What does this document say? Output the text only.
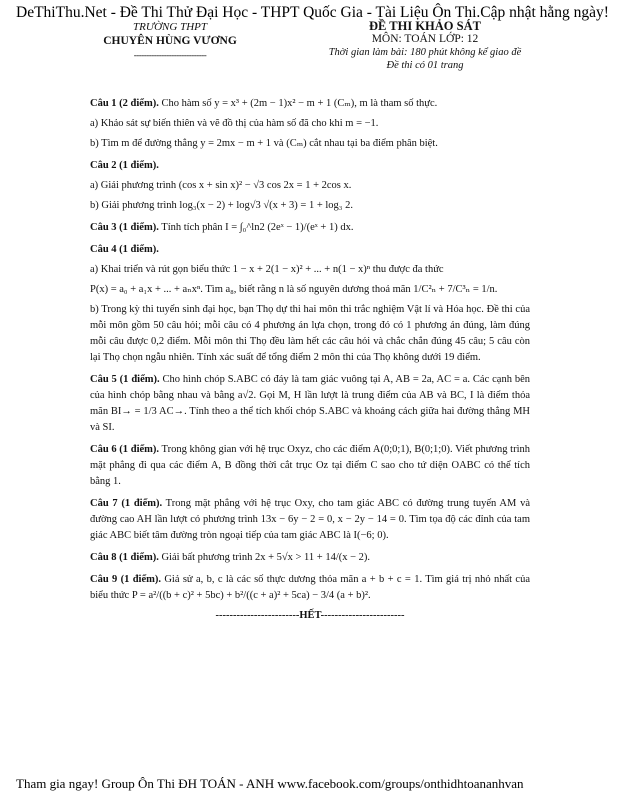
DeThiThu.Net - Đề Thi Thử Đại Học - THPT Quốc Gia - Tài Liệu Ôn Thi.Cập nhật hằng ngày!
TRƯỜNG THPT
CHUYÊN HÙNG VƯƠNG
-----------------------------
ĐỀ THI KHẢO SÁT
MÔN: TOÁN LỚP: 12
Thời gian làm bài: 180 phút không kể giao đề
Đề thi có 01 trang

Câu 1 (2 điểm). Cho hàm số y = x³ + (2m − 1)x² − m + 1 (Cₘ), m là tham số thực.

a) Khảo sát sự biến thiên và vẽ đồ thị của hàm số đã cho khi m = −1.

b) Tìm m để đường thẳng y = 2mx − m + 1 và (Cₘ) cắt nhau tại ba điểm phân biệt.

Câu 2 (1 điểm).

a) Giải phương trình (cos x + sin x)² − √3 cos 2x = 1 + 2cos x.

b) Giải phương trình log₃(x − 2) + log√3 √(x + 3) = 1 + log₃ 2.

Câu 3 (1 điểm). Tính tích phân I = ∫₀^ln2 (2eˣ − 1)/(eˣ + 1) dx.

Câu 4 (1 điểm).

a) Khai triển và rút gọn biểu thức 1 − x + 2(1 − x)² + ... + n(1 − x)ⁿ thu được đa thức

P(x) = a₀ + a₁x + ... + aₙxⁿ. Tìm a₈, biết rằng n là số nguyên dương thoả mãn 1/C²ₙ + 7/C³ₙ = 1/n.

b) Trong kỳ thi tuyển sinh đại học, bạn Thọ dự thi hai môn thi trắc nghiệm Vật lí và Hóa học. Đề thi của mỗi môn gồm 50 câu hỏi; mỗi câu có 4 phương án lựa chọn, trong đó có 1 phương án đúng, làm đúng mỗi câu được 0,2 điểm. Mỗi môn thi Thọ đều làm hết các câu hỏi và chắc chắn đúng 45 câu; 5 câu còn lại Thọ chọn ngẫu nhiên. Tính xác suất để tổng điểm 2 môn thi của Thọ không dưới 19 điểm.

Câu 5 (1 điểm). Cho hình chóp S.ABC có đáy là tam giác vuông tại A, AB = 2a, AC = a. Các cạnh bên của hình chóp bằng nhau và bằng a√2. Gọi M, H lần lượt là trung điểm của AB và BC, I là điểm thỏa mãn BI→ = 1/3 AC→. Tính theo a thể tích khối chóp S.ABC và khoảng cách giữa hai đường thẳng MH và SI.

Câu 6 (1 điểm). Trong không gian với hệ trục Oxyz, cho các điểm A(0;0;1), B(0;1;0). Viết phương trình mặt phẳng đi qua các điểm A, B đồng thời cắt trục Oz tại điểm C sao cho tứ diện OABC có thể tích bằng 1.

Câu 7 (1 điểm). Trong mặt phẳng với hệ trục Oxy, cho tam giác ABC có đường trung tuyến AM và đường cao AH lần lượt có phương trình 13x − 6y − 2 = 0, x − 2y − 14 = 0. Tìm tọa độ các đỉnh của tam giác ABC biết tâm đường tròn ngoại tiếp của tam giác ABC là I(−6; 0).

Câu 8 (1 điểm). Giải bất phương trình 2x + 5√x > 11 + 14/(x − 2).

Câu 9 (1 điểm). Giả sử a, b, c là các số thực dương thỏa mãn a + b + c = 1. Tìm giá trị nhỏ nhất của biểu thức P = a²/((b + c)² + 5bc) + b²/((c + a)² + 5ca) − 3/4 (a + b)².

------------------------HẾT------------------------
Tham gia ngay! Group Ôn Thi ĐH TOÁN - ANH www.facebook.com/groups/onthidhtoananhvan
